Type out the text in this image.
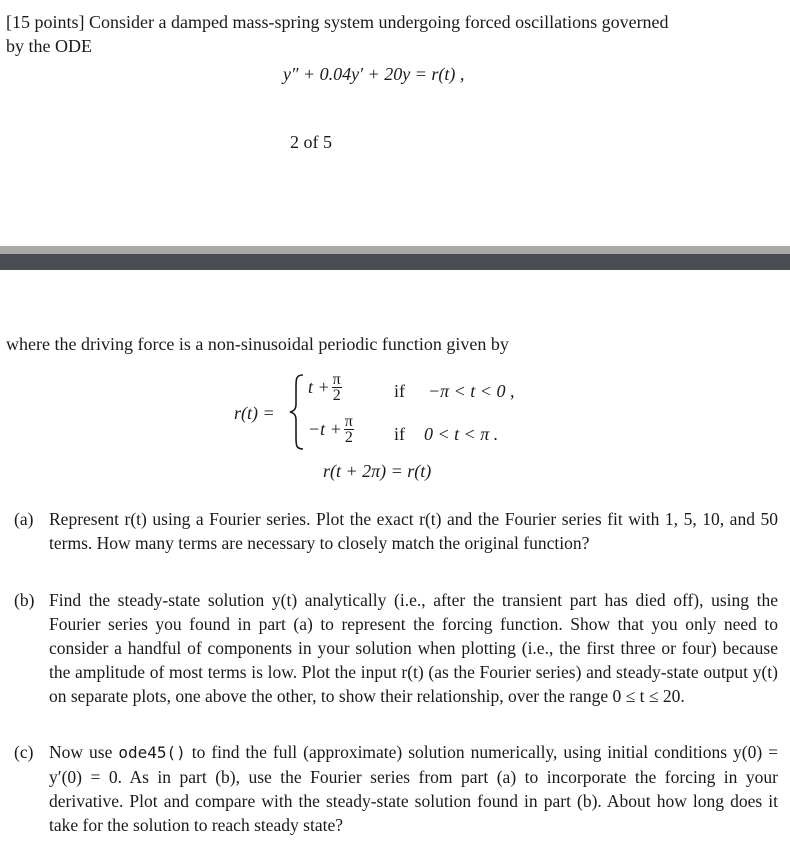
[15 points] Consider a damped mass-spring system undergoing forced oscillations governed
by the ODE
y″ + 0.04y′ + 20y = r(t) ,
2 of 5
where the driving force is a non-sinusoidal periodic function given by
r(t) =
$t + \frac{\pi}{2}$	if −π < t < 0 ,
$-t + \frac{\pi}{2}$ if 0 < t < π .
r(t + 2π) = r(t)
(a) Represent r(t) using a Fourier series. Plot the exact r(t) and the Fourier series fit with 1, 5, 10, and 50 terms. How many terms are necessary to closely match the original function?
(b) Find the steady-state solution y(t) analytically (i.e., after the transient part has died off), using the Fourier series you found in part (a) to represent the forcing function. Show that you only need to consider a handful of components in your solution when plotting (i.e., the first three or four) because the amplitude of most terms is low. Plot the input r(t) (as the Fourier series) and steady-state output y(t) on separate plots, one above the other, to show their relationship, over the range 0 ≤ t ≤ 20.
(c) Now use ode45() to find the full (approximate) solution numerically, using initial conditions y(0) = y′(0) = 0. As in part (b), use the Fourier series from part (a) to incorporate the forcing in your derivative. Plot and compare with the steady-state solution found in part (b). About how long does it take for the solution to reach steady state?
